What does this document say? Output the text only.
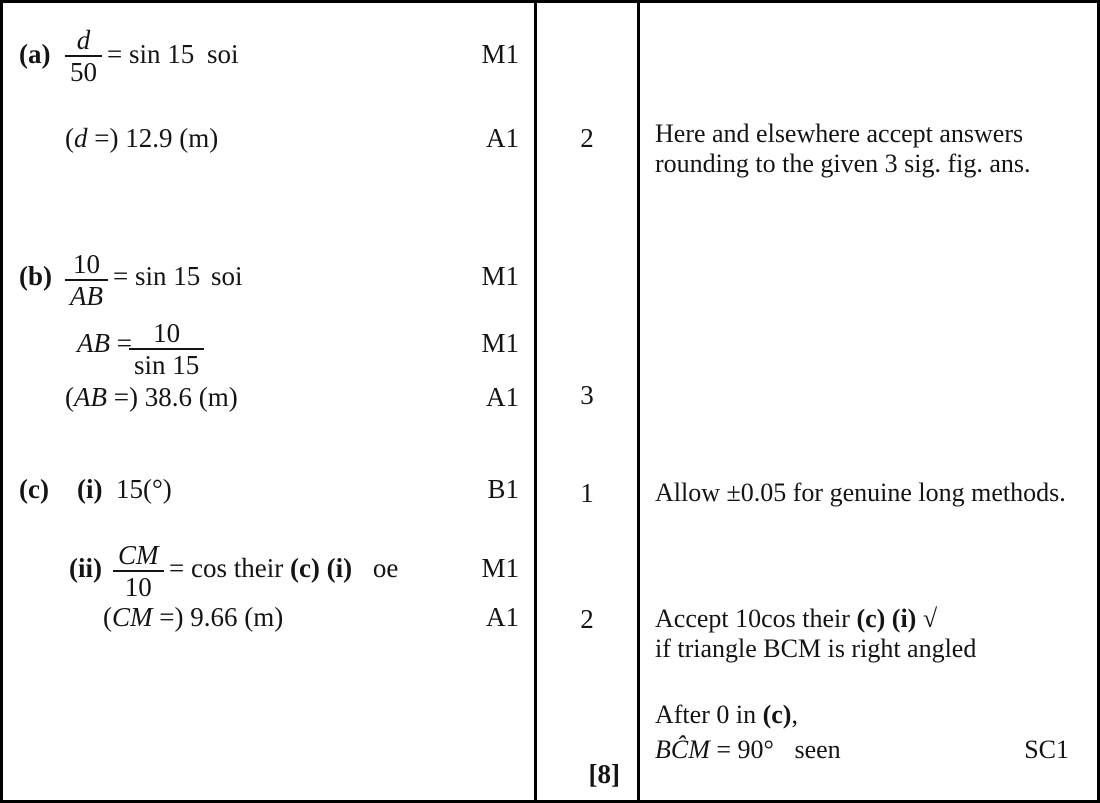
$(a) \frac{d}{50} = \sin 15$ soi	M1
(d =) 12.9 (m)	A1	2	Here and elsewhere accept answers
rounding to the given 3 sig. fig. ans.
$(b) \frac{10}{AB} = \sin 15$ soi	M1
AB =
$\frac{10}{\sin 15}$	M1
(AB =) 38.6 (m)	A1	3
(c) (i) 15(°)	B1	1	Allow ±0.05 for genuine long methods.
$(ii) \frac{CM}{10} = \cos$ their (c) (i) oe	M1
(CM =) 9.66 (m)	A1	2	Accept 10cos their (c) (i) √
if triangle BCM is right angled
After 0 in (c),
BĈM = 90° seen	SC1
[8]
